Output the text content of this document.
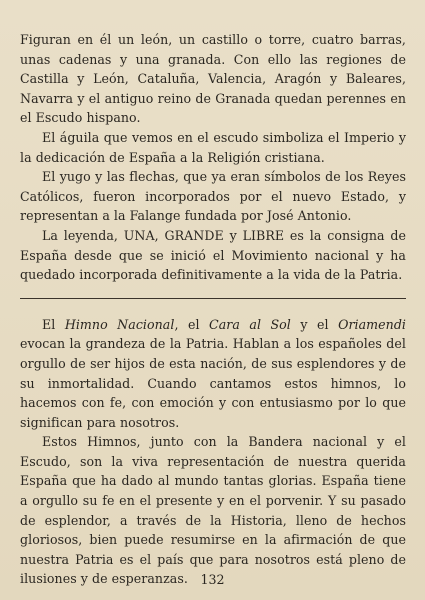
Figuran en él un león, un castillo o torre, cuatro barras, unas cadenas y una granada. Con ello las regiones de Castilla y León, Cataluña, Valencia, Aragón y Baleares, Navarra y el antiguo reino de Granada quedan perennes en el Escudo hispano.

El águila que vemos en el escudo simboliza el Imperio y la dedicación de España a la Religión cristiana.

El yugo y las flechas, que ya eran símbolos de los Reyes Católicos, fueron incorporados por el nuevo Estado, y representan a la Falange fundada por José Antonio.

La leyenda, UNA, GRANDE y LIBRE es la consigna de España desde que se inició el Movimiento nacional y ha quedado incorporada definitivamente a la vida de la Patria.

El Himno Nacional, el Cara al Sol y el Oriamendi evocan la grandeza de la Patria. Hablan a los españoles del orgullo de ser hijos de esta nación, de sus esplendores y de su inmortalidad. Cuando cantamos estos himnos, lo hacemos con fe, con emoción y con entusiasmo por lo que significan para nosotros.

Estos Himnos, junto con la Bandera nacional y el Escudo, son la viva representación de nuestra querida España que ha dado al mundo tantas glorias. España tiene a orgullo su fe en el presente y en el porvenir. Y su pasado de esplendor, a través de la Historia, lleno de hechos gloriosos, bien puede resumirse en la afirmación de que nuestra Patria es el país que para nosotros está pleno de ilusiones y de esperanzas. 132
